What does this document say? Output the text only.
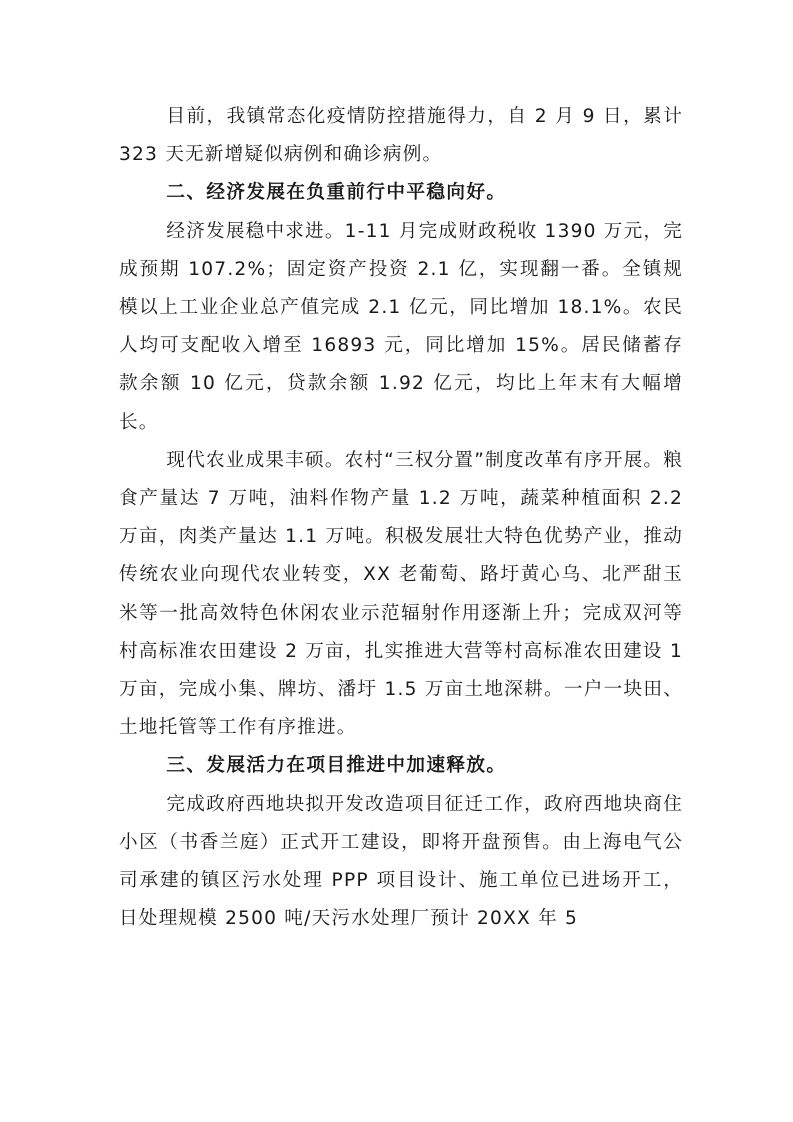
目前，我镇常态化疫情防控措施得力，自 2 月 9 日，累计 323 天无新增疑似病例和确诊病例。

二、经济发展在负重前行中平稳向好。

经济发展稳中求进。1-11 月完成财政税收 1390 万元，完成预期 107.2%；固定资产投资 2.1 亿，实现翻一番。全镇规模以上工业企业总产值完成 2.1 亿元，同比增加 18.1%。农民人均可支配收入增至 16893 元，同比增加 15%。居民储蓄存款余额 10 亿元，贷款余额 1.92 亿元，均比上年末有大幅增长。

现代农业成果丰硕。农村“三权分置”制度改革有序开展。粮食产量达 7 万吨，油料作物产量 1.2 万吨，蔬菜种植面积 2.2 万亩，肉类产量达 1.1 万吨。积极发展壮大特色优势产业，推动传统农业向现代农业转变，XX 老葡萄、路圩黄心乌、北严甜玉米等一批高效特色休闲农业示范辐射作用逐渐上升；完成双河等村高标准农田建设 2 万亩，扎实推进大营等村高标准农田建设 1 万亩，完成小集、牌坊、潘圩 1.5 万亩土地深耕。一户一块田、土地托管等工作有序推进。

三、发展活力在项目推进中加速释放。

完成政府西地块拟开发改造项目征迁工作，政府西地块商住小区（书香兰庭）正式开工建设，即将开盘预售。由上海电气公司承建的镇区污水处理 PPP 项目设计、施工单位已进场开工，日处理规模 2500 吨/天污水处理厂预计 20XX 年 5
